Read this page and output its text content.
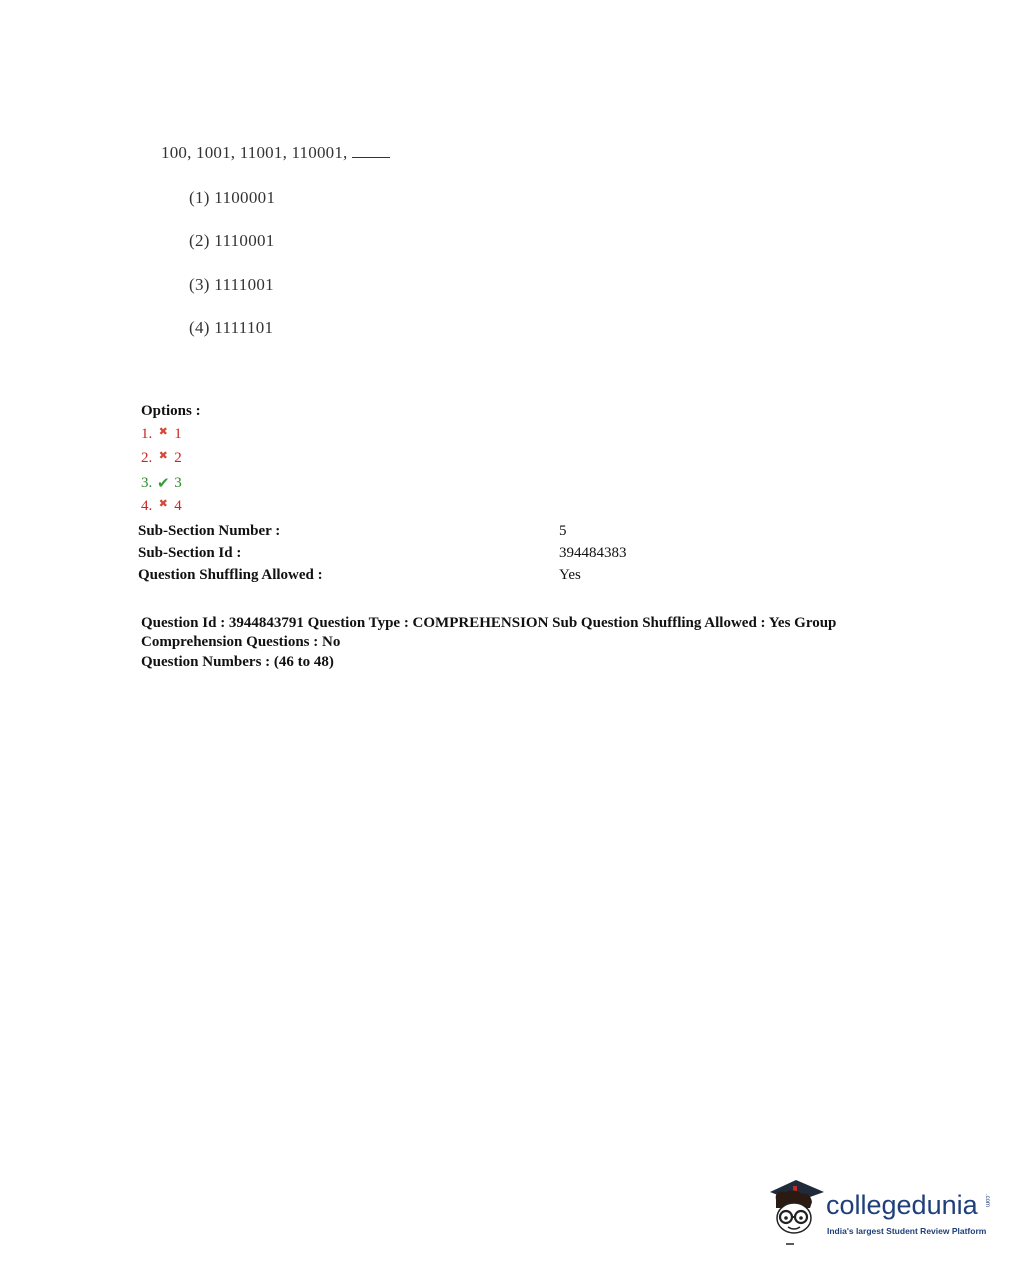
100, 1001, 11001, 110001,
(1) 1100001
(2) 1110001
(3) 1111001
(4) 1111101
Options :
1. ✖ 1
2. ✖ 2
3. ✔ 3
4. ✖ 4
Sub-Section Number :	5
Sub-Section Id :	394484383
Question Shuffling Allowed :	Yes
Question Id : 3944843791 Question Type : COMPREHENSION Sub Question Shuffling Allowed : Yes Group Comprehension Questions : No
Question Numbers : (46 to 48)
collegedunia .com
India's largest Student Review Platform
